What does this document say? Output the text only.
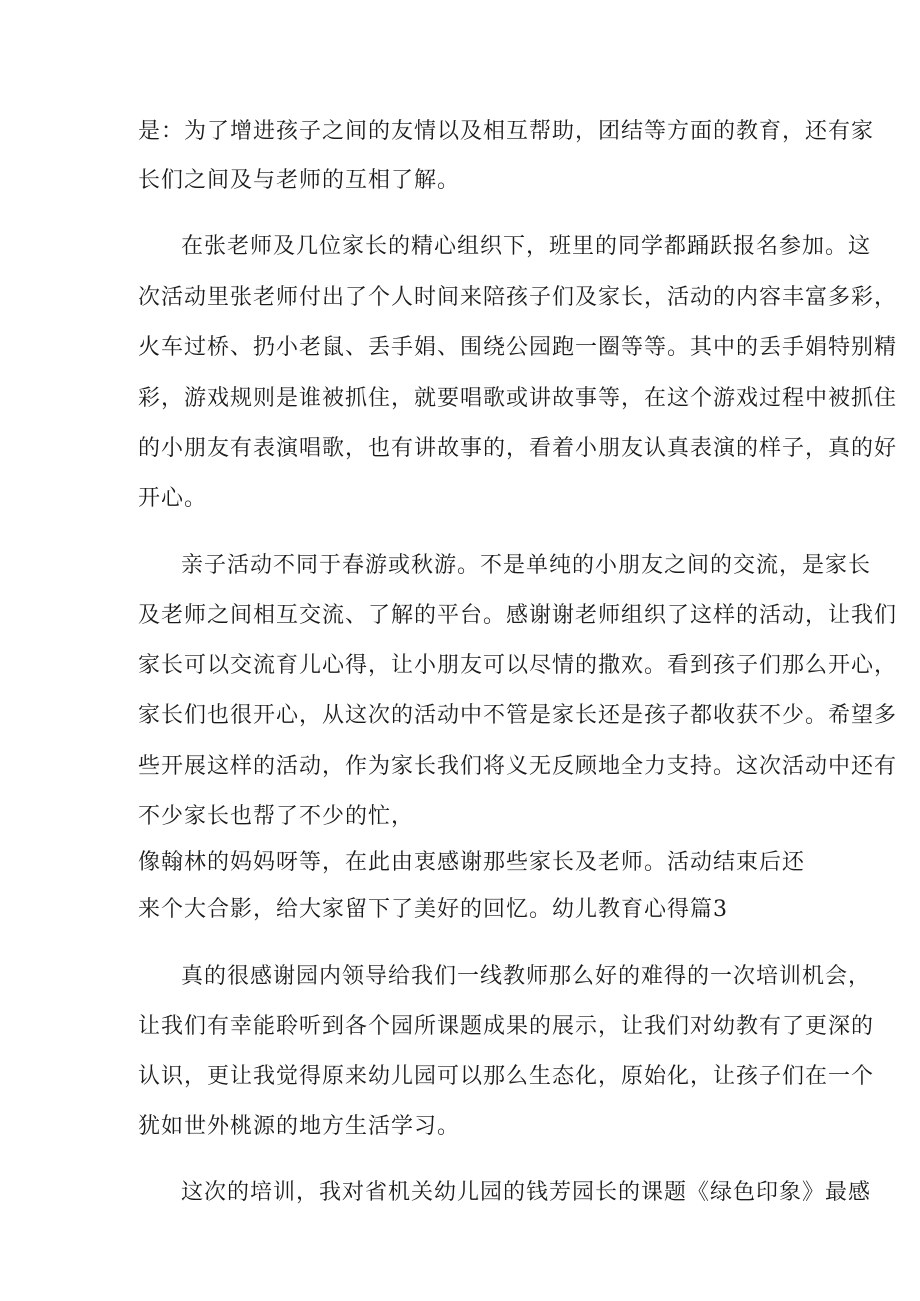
是：为了增进孩子之间的友情以及相互帮助，团结等方面的教育，还有家
长们之间及与老师的互相了解。
在张老师及几位家长的精心组织下，班里的同学都踊跃报名参加。这
次活动里张老师付出了个人时间来陪孩子们及家长，活动的内容丰富多彩，
火车过桥、扔小老鼠、丢手娟、围绕公园跑一圈等等。其中的丢手娟特别精
彩，游戏规则是谁被抓住，就要唱歌或讲故事等，在这个游戏过程中被抓住
的小朋友有表演唱歌，也有讲故事的，看着小朋友认真表演的样子，真的好
开心。
亲子活动不同于春游或秋游。不是单纯的小朋友之间的交流，是家长
及老师之间相互交流、了解的平台。感谢谢老师组织了这样的活动，让我们
家长可以交流育儿心得，让小朋友可以尽情的撒欢。看到孩子们那么开心，
家长们也很开心，从这次的活动中不管是家长还是孩子都收获不少。希望多
些开展这样的活动，作为家长我们将义无反顾地全力支持。这次活动中还有
不少家长也帮了不少的忙，
像翰林的妈妈呀等，在此由衷感谢那些家长及老师。活动结束后还
来个大合影，给大家留下了美好的回忆。幼儿教育心得篇3
真的很感谢园内领导给我们一线教师那么好的难得的一次培训机会，
让我们有幸能聆听到各个园所课题成果的展示，让我们对幼教有了更深的
认识，更让我觉得原来幼儿园可以那么生态化，原始化，让孩子们在一个
犹如世外桃源的地方生活学习。
这次的培训，我对省机关幼儿园的钱芳园长的课题《绿色印象》最感
